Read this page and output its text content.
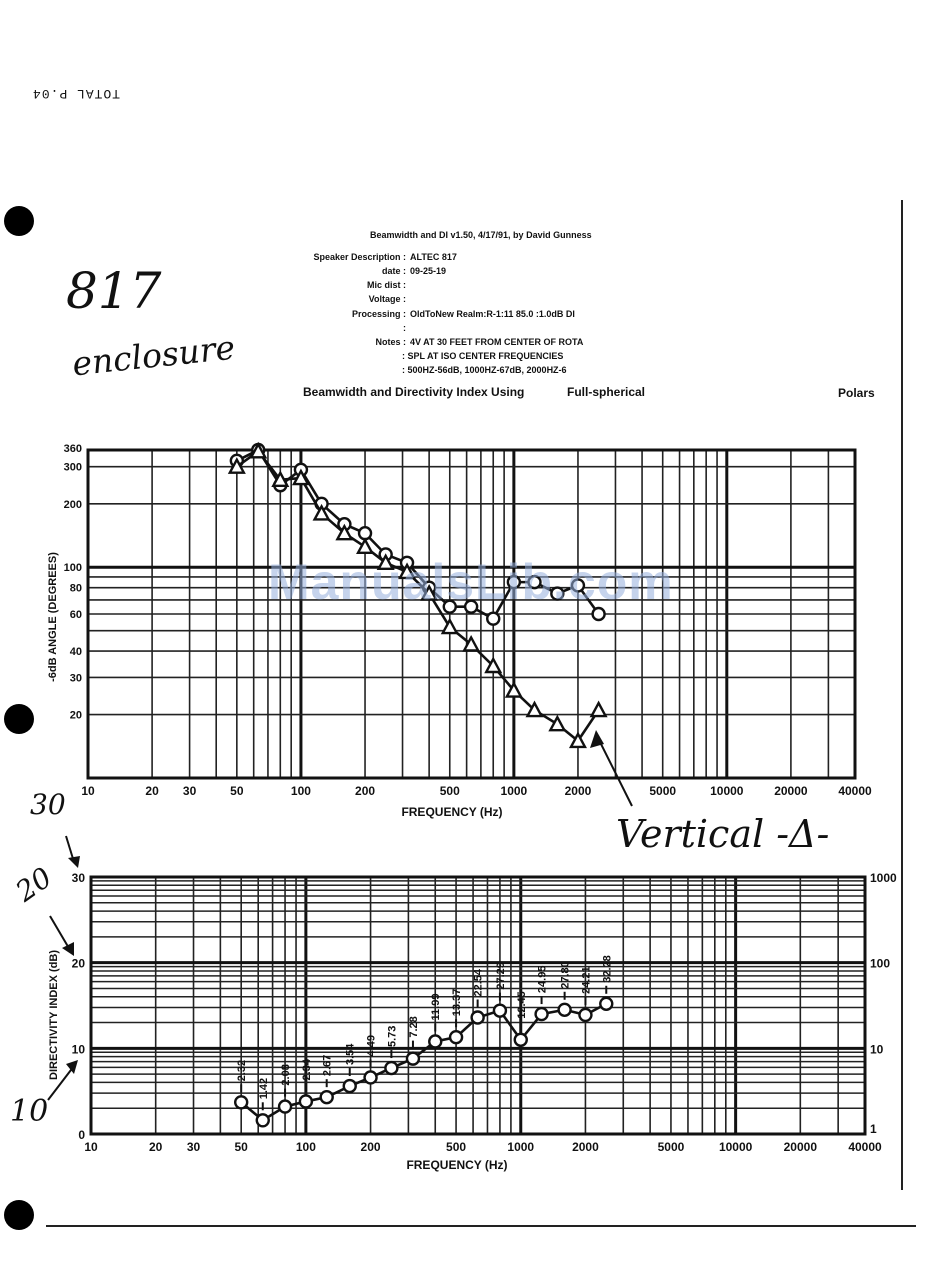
TOTAL P.04
817
enclosure
Vertical -Δ-
30
20
10
Beamwidth and DI v1.50, 4/17/91, by David Gunness
Speaker Description : ALTEC 817
date : 09-25-19
Mic dist :
Voltage :
Processing : OldToNew Realm:R-1:11 85.0 :1.0dB DI
:
Notes : 4V AT 30 FEET FROM CENTER OF ROTA
: SPL AT ISO CENTER FREQUENCIES
: 500HZ-56dB, 1000HZ-67dB, 2000HZ-6
Beamwidth and Directivity Index Using	Full-spherical	Polars
10	20 30	50	100	200	500	1000	2000	5000	10000	20000	40000
20
30
40
60
80
100
200
300
360
FREQUENCY (Hz)
-6dB ANGLE (DEGREES)
10	20 30	50	100	200	500	1000	2000	5000	10000	20000	40000
0
10
20
30
1
10
100
1000
FREQUENCY (Hz)
DIRECTIVITY INDEX (dB)	2.32
1.42
2.08 2.34 2.67
3.54 4.49 5.73 7.28
11.99 13.37
22.54 27.29
12.45
24.95 27.80 24.21 32.28
ManualsLib.com
